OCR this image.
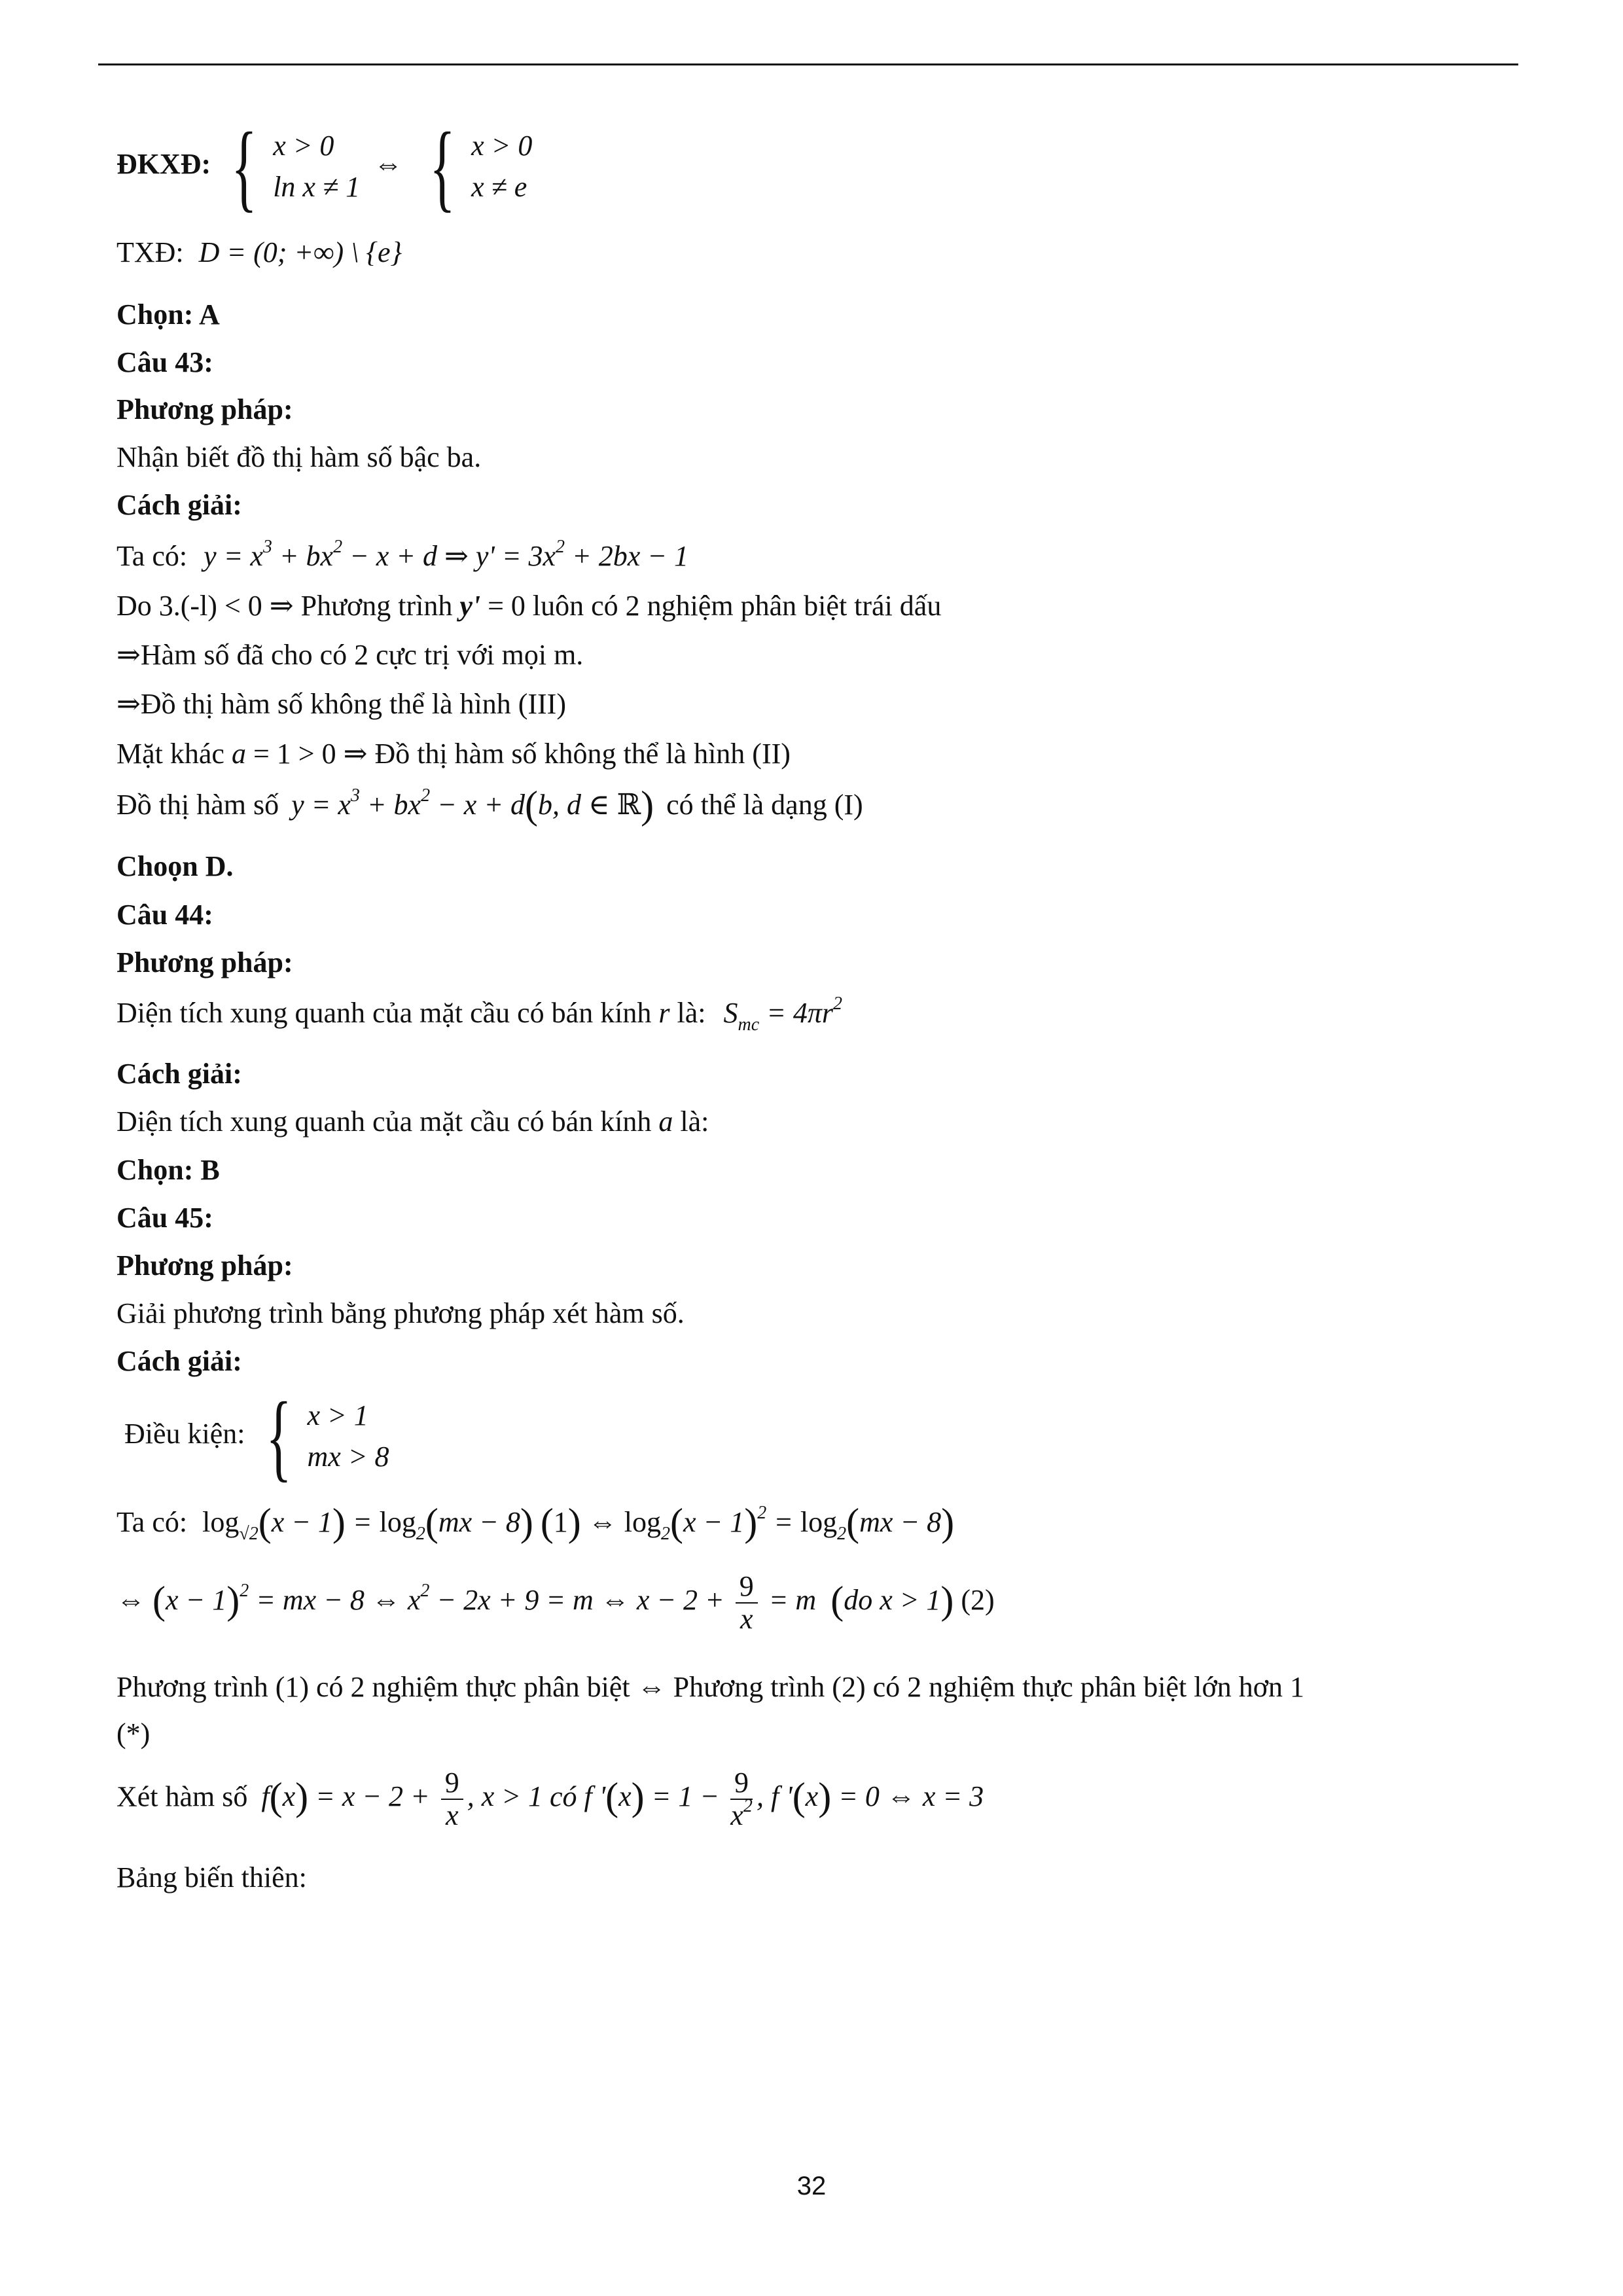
ĐKXĐ: { x > 0
ln x ≠ 1
⇔ { x > 0
x ≠ e
TXĐ: D = (0; +∞) \ {e}
Chọn: A
Câu 43:
Phương pháp:
Nhận biết đồ thị hàm số bậc ba.
Cách giải:
Ta có: $y = x^3 + bx^2 - x + d$ ⇒ $y' = 3x^2 + 2bx - 1$
Do 3.(-l) < 0 ⇒ Phương trình y' = 0 luôn có 2 nghiệm phân biệt trái dấu
⇒Hàm số đã cho có 2 cực trị với mọi m.
⇒Đồ thị hàm số không thể là hình (III)
Mặt khác a = 1 > 0 ⇒ Đồ thị hàm số không thể là hình (II)
Đồ thị hàm số $y = x^3 + bx^2 - x + d(b$, d ∈ ℝ) có thể là dạng (I)
Choọn D.
Câu 44:
Phương pháp:
Diện tích xung quanh của mặt cầu có bán kính r là: $S_{mc} = 4\pi r^2$
Cách giải:
Diện tích xung quanh của mặt cầu có bán kính a là:
Chọn: B
Câu 45:
Phương pháp:
Giải phương trình bằng phương pháp xét hàm số.
Cách giải:
Điều kiện: { x > 1
mx > 8
Ta có: $\log_{√2}(x - 1) = \log_2(mx - 8)$ (1) ⇔ $\log_2(x - 1)^2 = \log_2(mx - 8)$
⇔ $(x - 1)^2$ = mx − 8 ⇔ $x^2 - 2x + 9 = m$ ⇔ $x - 2 + \frac{9}{x} = m$  (do x > 1) (2)
Phương trình (1) có 2 nghiệm thực phân biệt ⇔ Phương trình (2) có 2 nghiệm thực phân biệt lớn hơn 1
(*)
Xét hàm số $f(x) = x - 2 + \frac{9}{x}$ , x > 1 có f '$(x) = 1 - \frac{9}{x^2}$ , f '(x) = 0 ⇔ x = 3
Bảng biến thiên:
32
